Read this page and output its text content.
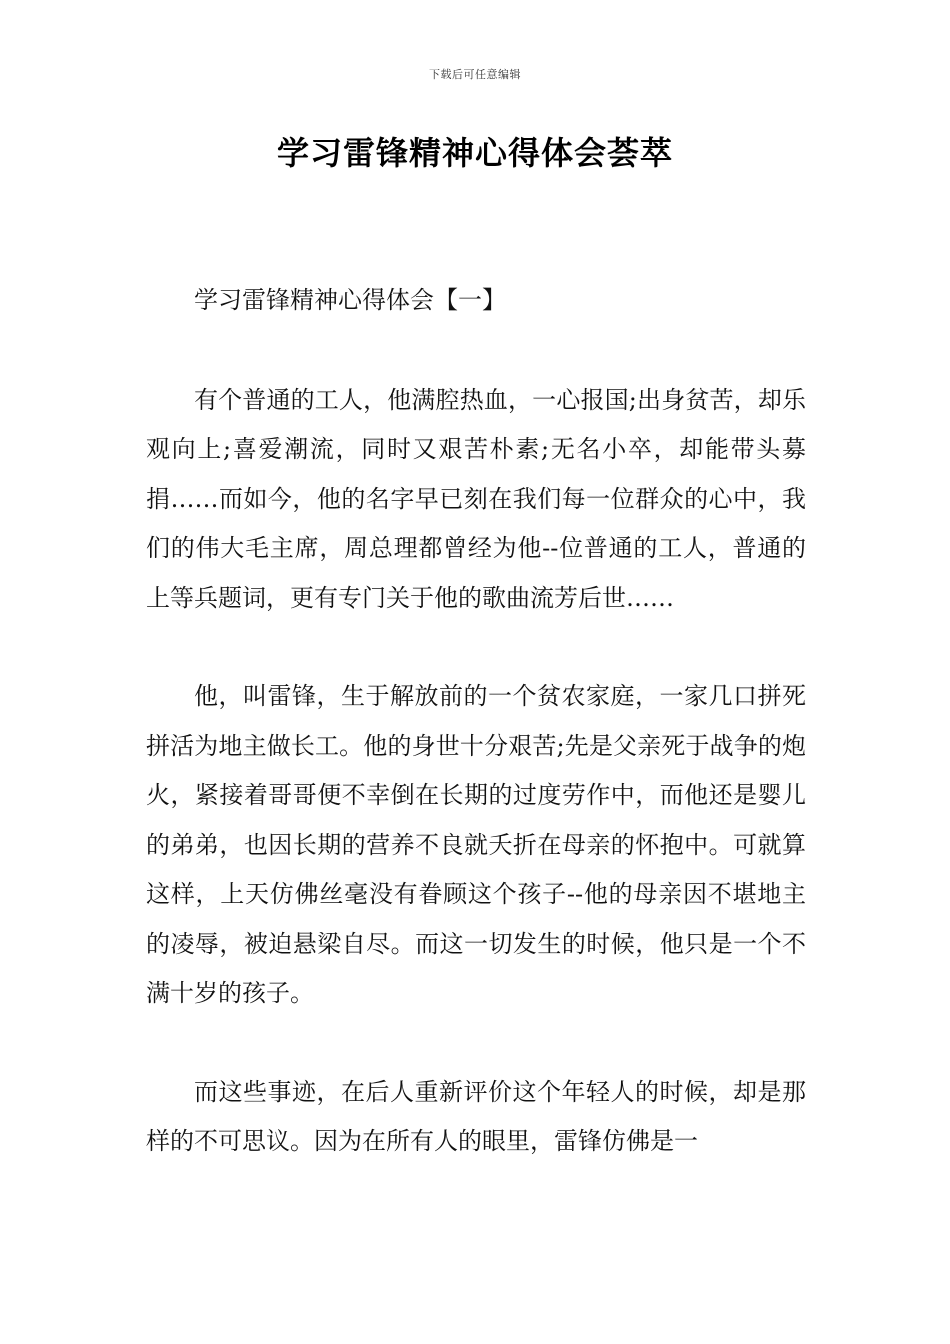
下载后可任意编辑
学习雷锋精神心得体会荟萃

学习雷锋精神心得体会【一】

有个普通的工人，他满腔热血，一心报国;出身贫苦，却乐观向上;喜爱潮流，同时又艰苦朴素;无名小卒，却能带头募捐……而如今，他的名字早已刻在我们每一位群众的心中，我们的伟大毛主席，周总理都曾经为他--位普通的工人，普通的上等兵题词，更有专门关于他的歌曲流芳后世……

他，叫雷锋，生于解放前的一个贫农家庭，一家几口拼死拼活为地主做长工。他的身世十分艰苦;先是父亲死于战争的炮火，紧接着哥哥便不幸倒在长期的过度劳作中，而他还是婴儿的弟弟，也因长期的营养不良就夭折在母亲的怀抱中。可就算这样，上天仿佛丝毫没有眷顾这个孩子--他的母亲因不堪地主的凌辱，被迫悬梁自尽。而这一切发生的时候，他只是一个不满十岁的孩子。

而这些事迹，在后人重新评价这个年轻人的时候，却是那样的不可思议。因为在所有人的眼里，雷锋仿佛是一
